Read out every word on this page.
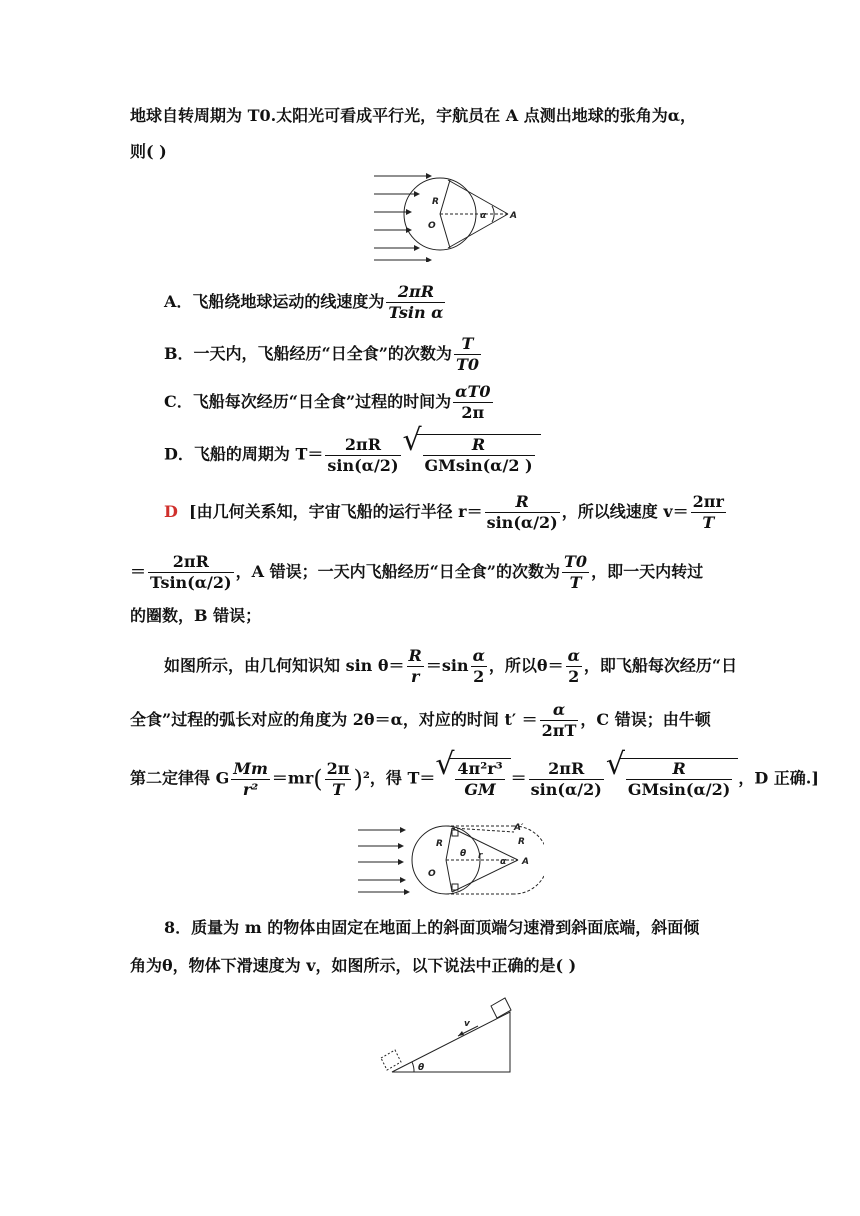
地球自转周期为 T0.太阳光可看成平行光，宇航员在 A 点测出地球的张角为α，
则( )
R
O
α	A
A．飞船绕地球运动的线速度为 $\frac{2\pi R}{\text{Tsin α}}$
B．一天内，飞船经历“日全食”的次数为 $\frac{T}{T0}$
C．飞船每次经历“日全食”过程的时间为 $\frac{\alpha T0}{2\pi}$
D．飞船的周期为 $T= \frac{2\pi R}{\sin(\alpha/2)}$ √ $\frac{R}{GMsin(\alpha/2 )}$
D [由几何关系知，宇宙飞船的运行半径 $r= \frac{R}{\sin(\alpha/2)}$ ，所以线速度 $v= \frac{2\pi r}{T}$
＝ $\frac{2\pi R}{Tsin(\alpha/2)}$ ，A 错误；一天内飞船经历“日全食”的次数为 $\frac{T0}{T}$ ，即一天内转过
的圈数，B 错误；
如图所示，由几何知识知 $\sin \theta= \frac{R}{r} =\sin \frac{\alpha}{2}$ ，所以$\theta= \frac{\alpha}{2}$ ，即飞船每次经历“日
全食”过程的弧长对应的角度为 2θ＝α，对应的时间 $t' = \frac{\alpha}{2\pi T}$ ，C 错误；由牛顿
第二定律得 G $\frac{Mm}{\text{r²}} =mr( \frac{2\pi}{T} )^2$，得 T＝ √ $\frac{\text{4π²r³}}{GM} = \frac{2\pi R}{\sin(\alpha/2)}$ √ $\frac{R}{GMsin(\alpha/2)}$ ，D 正确.]
R
O
θ r
α A
A′
R
8．质量为 m 的物体由固定在地面上的斜面顶端匀速滑到斜面底端，斜面倾
角为θ，物体下滑速度为 v，如图所示，以下说法中正确的是( )
v
θ
